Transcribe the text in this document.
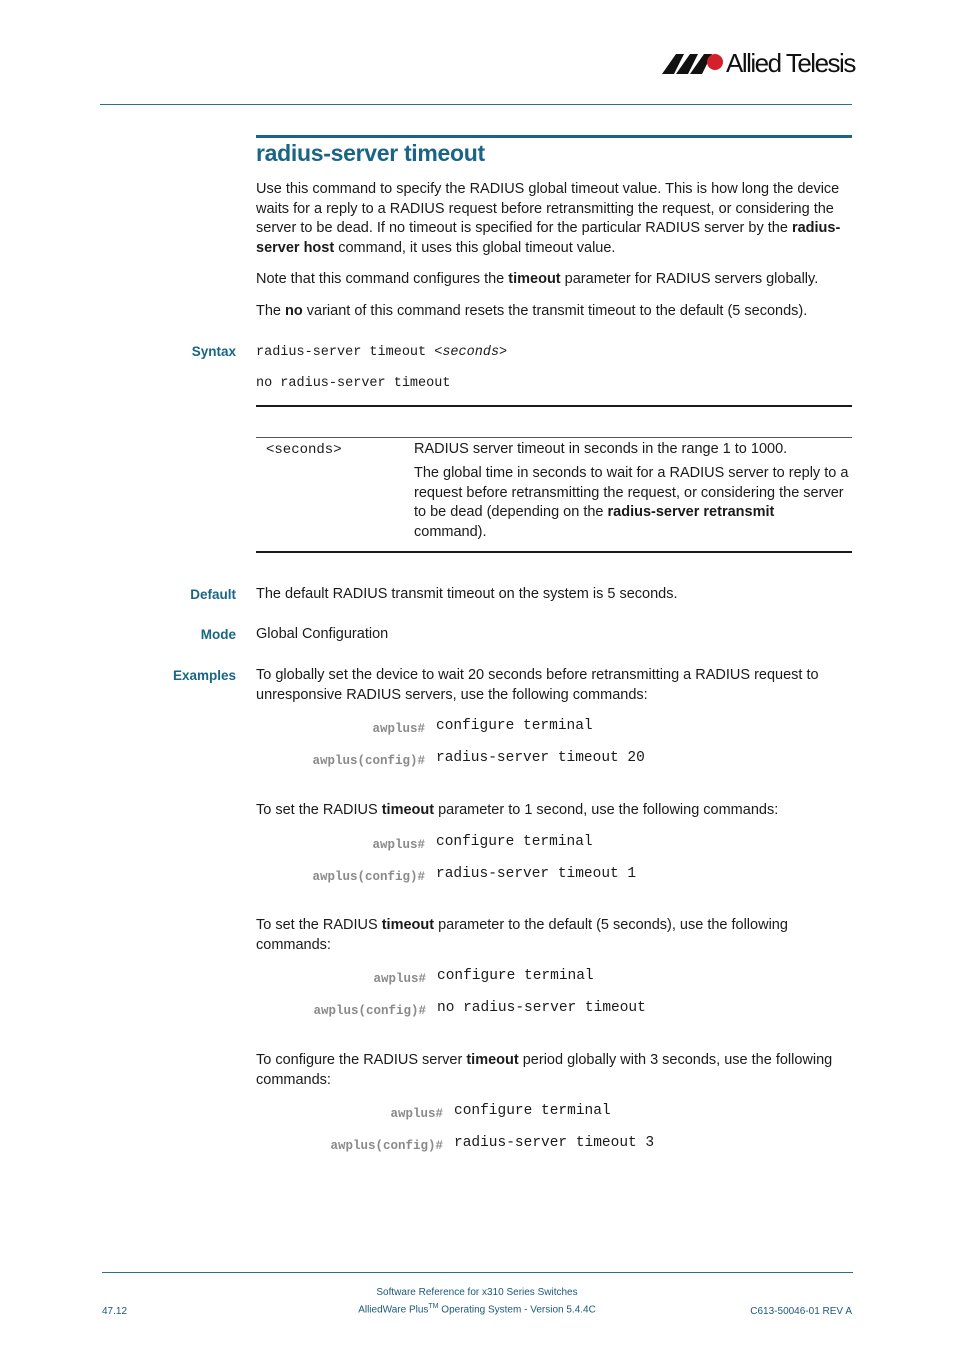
Allied Telesis
radius-server timeout
Use this command to specify the RADIUS global timeout value. This is how long the device waits for a reply to a RADIUS request before retransmitting the request, or considering the server to be dead. If no timeout is specified for the particular RADIUS server by the radius-server host command, it uses this global timeout value.
Note that this command configures the timeout parameter for RADIUS servers globally.
The no variant of this command resets the transmit timeout to the default (5 seconds).
Syntax radius-server timeout <seconds>
no radius-server timeout
<seconds>	RADIUS server timeout in seconds in the range 1 to 1000.
The global time in seconds to wait for a RADIUS server to reply to a request before retransmitting the request, or considering the server to be dead (depending on the radius-server retransmit command).
Default The default RADIUS transmit timeout on the system is 5 seconds.
Mode Global Configuration
Examples To globally set the device to wait 20 seconds before retransmitting a RADIUS request to unresponsive RADIUS servers, use the following commands:
awplus# configure terminal
awplus(config)# radius-server timeout 20
To set the RADIUS timeout parameter to 1 second, use the following commands:
awplus# configure terminal
awplus(config)# radius-server timeout 1
To set the RADIUS timeout parameter to the default (5 seconds), use the following commands:
awplus# configure terminal
awplus(config)# no radius-server timeout
To configure the RADIUS server timeout period globally with 3 seconds, use the following commands:
awplus# configure terminal
awplus(config)# radius-server timeout 3
Software Reference for x310 Series Switches
47.12	AlliedWare Plus™ Operating System - Version 5.4.4C	C613-50046-01 REV A
